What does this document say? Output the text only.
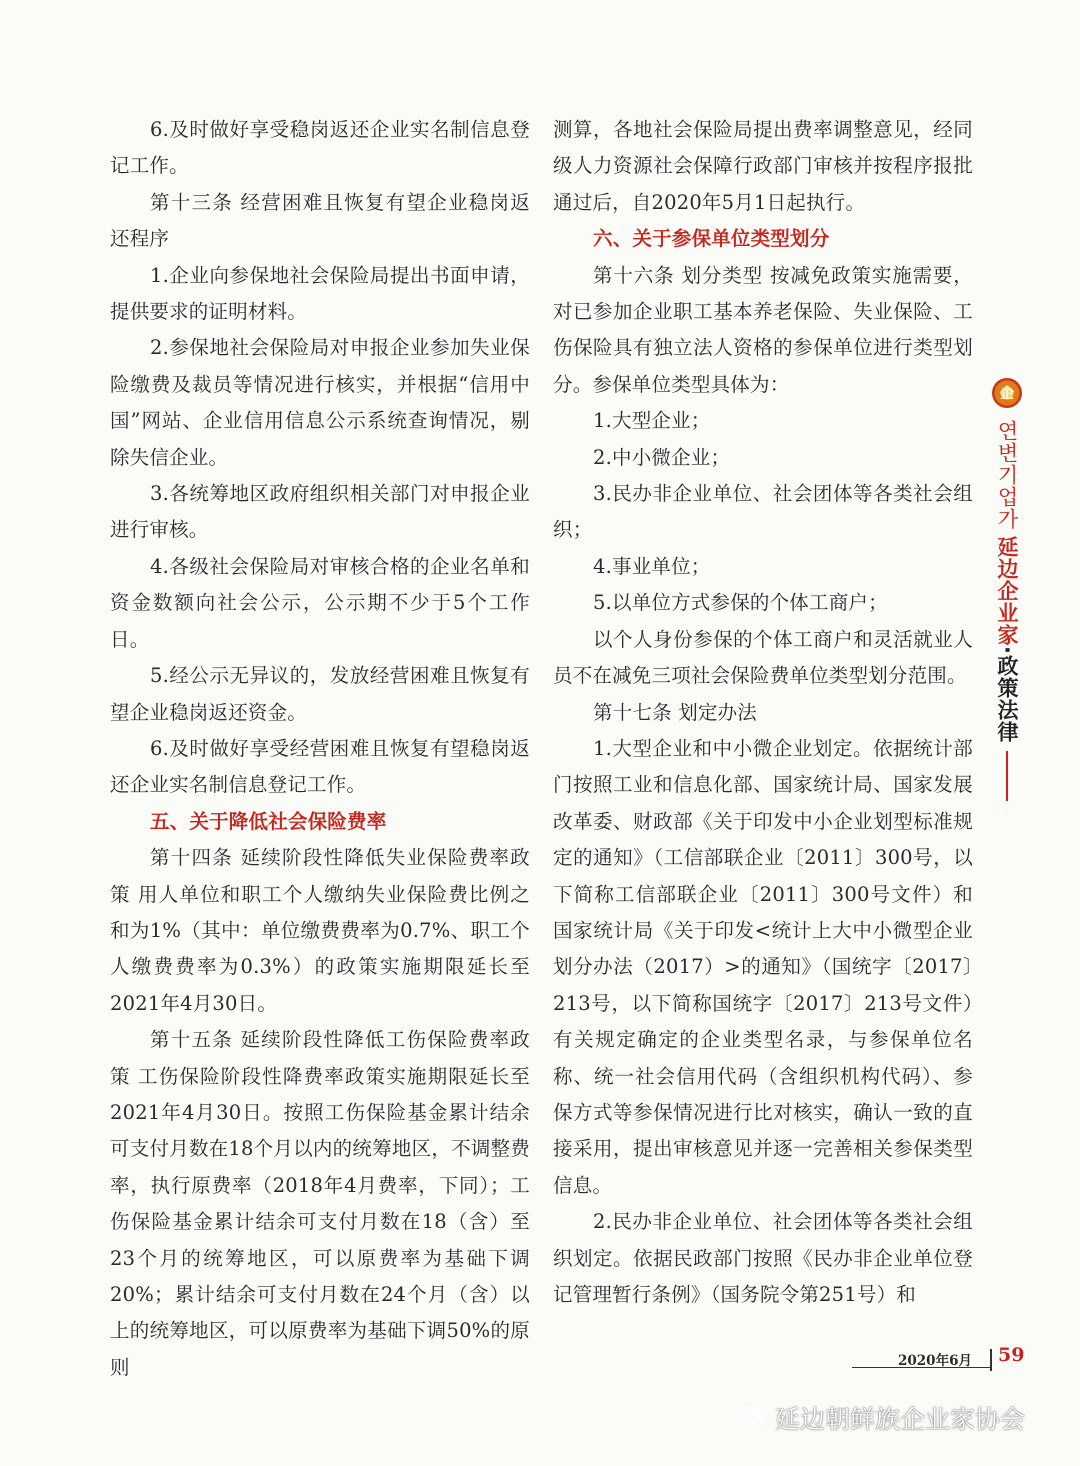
6.及时做好享受稳岗返还企业实名制信息登记工作。

第十三条 经营困难且恢复有望企业稳岗返还程序

1.企业向参保地社会保险局提出书面申请，提供要求的证明材料。

2.参保地社会保险局对申报企业参加失业保险缴费及裁员等情况进行核实，并根据“信用中国”网站、企业信用信息公示系统查询情况，剔除失信企业。

3.各统筹地区政府组织相关部门对申报企业进行审核。

4.各级社会保险局对审核合格的企业名单和资金数额向社会公示，公示期不少于5个工作日。

5.经公示无异议的，发放经营困难且恢复有望企业稳岗返还资金。

6.及时做好享受经营困难且恢复有望稳岗返还企业实名制信息登记工作。

五、关于降低社会保险费率

第十四条 延续阶段性降低失业保险费率政策 用人单位和职工个人缴纳失业保险费比例之和为1%（其中：单位缴费费率为0.7%、职工个人缴费费率为0.3%）的政策实施期限延长至2021年4月30日。

第十五条 延续阶段性降低工伤保险费率政策 工伤保险阶段性降费率政策实施期限延长至2021年4月30日。按照工伤保险基金累计结余可支付月数在18个月以内的统筹地区，不调整费率，执行原费率（2018年4月费率，下同）；工伤保险基金累计结余可支付月数在18（含）至23个月的统筹地区，可以原费率为基础下调20%；累计结余可支付月数在24个月（含）以上的统筹地区，可以原费率为基础下调50%的原则

测算，各地社会保险局提出费率调整意见，经同级人力资源社会保障行政部门审核并按程序报批通过后，自2020年5月1日起执行。

六、关于参保单位类型划分

第十六条 划分类型 按减免政策实施需要，对已参加企业职工基本养老保险、失业保险、工伤保险具有独立法人资格的参保单位进行类型划分。参保单位类型具体为：

1.大型企业；

2.中小微企业；

3.民办非企业单位、社会团体等各类社会组织；

4.事业单位；

5.以单位方式参保的个体工商户；

以个人身份参保的个体工商户和灵活就业人员不在减免三项社会保险费单位类型划分范围。

第十七条 划定办法

1.大型企业和中小微企业划定。依据统计部门按照工业和信息化部、国家统计局、国家发展改革委、财政部《关于印发中小企业划型标准规定的通知》（工信部联企业〔2011〕300号，以下简称工信部联企业〔2011〕300号文件）和国家统计局《关于印发<统计上大中小微型企业划分办法（2017）>的通知》（国统字〔2017〕213号，以下简称国统字〔2017〕213号文件）有关规定确定的企业类型名录，与参保单位名称、统一社会信用代码（含组织机构代码）、参保方式等参保情况进行比对核实，确认一致的直接采用，提出审核意见并逐一完善相关参保类型信息。

2.民办非企业单位、社会团体等各类社会组织划定。依据民政部门按照《民办非企业单位登记管理暂行条例》（国务院令第251号）和

企
연변기업가
延边企业家
·
政策法律
2020年6月 59
延边朝鲜族企业家协会
